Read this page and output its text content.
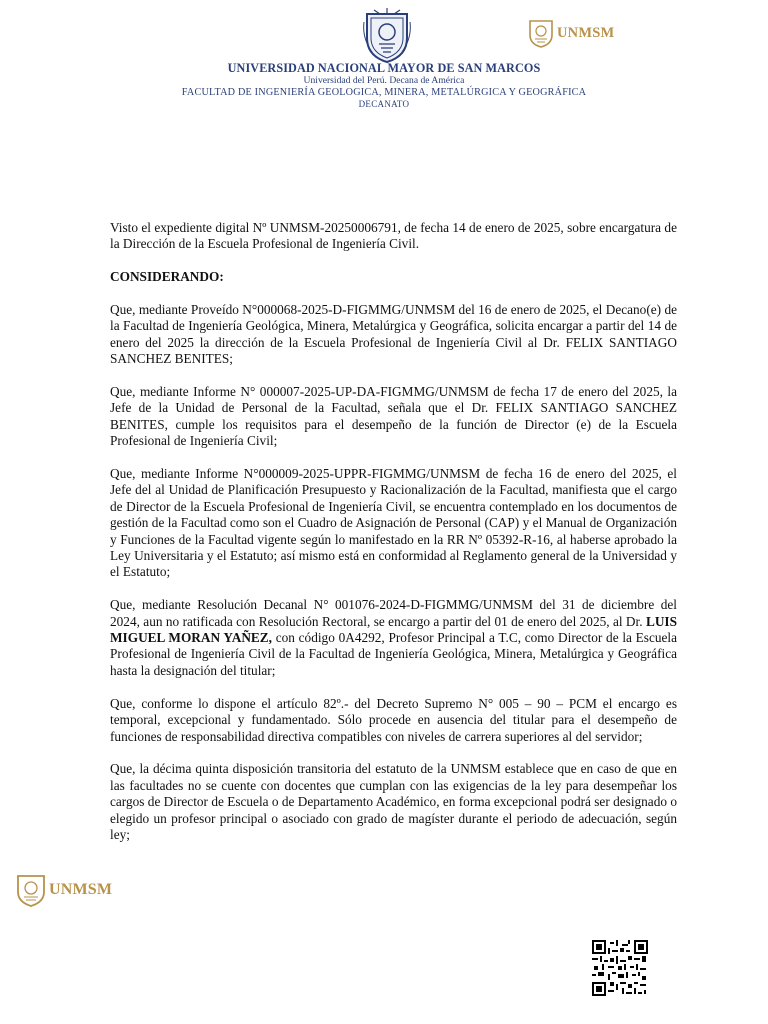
UNMSM
UNIVERSIDAD NACIONAL MAYOR DE SAN MARCOS
Universidad del Perú. Decana de América
FACULTAD DE INGENIERÍA GEOLOGICA, MINERA, METALÚRGICA Y GEOGRÁFICA
DECANATO

Visto el expediente digital Nº UNMSM-20250006791, de fecha 14 de enero de 2025, sobre encargatura de la Dirección de la Escuela Profesional de Ingeniería Civil.

CONSIDERANDO:

Que, mediante Proveído N°000068-2025-D-FIGMMG/UNMSM del 16 de enero de 2025, el Decano(e) de la Facultad de Ingeniería Geológica, Minera, Metalúrgica y Geográfica, solicita encargar a partir del 14 de enero del 2025 la dirección de la Escuela Profesional de Ingeniería Civil al Dr. FELIX SANTIAGO SANCHEZ BENITES;

Que, mediante Informe N° 000007-2025-UP-DA-FIGMMG/UNMSM de fecha 17 de enero del 2025, la Jefe de la Unidad de Personal de la Facultad, señala que el Dr. FELIX SANTIAGO SANCHEZ BENITES, cumple los requisitos para el desempeño de la función de Director (e) de la Escuela Profesional de Ingeniería Civil;

Que, mediante Informe N°000009-2025-UPPR-FIGMMG/UNMSM de fecha 16 de enero del 2025, el Jefe del al Unidad de Planificación Presupuesto y Racionalización de la Facultad, manifiesta que el cargo de Director de la Escuela Profesional de Ingeniería Civil, se encuentra contemplado en los documentos de gestión de la Facultad como son el Cuadro de Asignación de Personal (CAP) y el Manual de Organización y Funciones de la Facultad vigente según lo manifestado en la RR Nº 05392-R-16, al haberse aprobado la Ley Universitaria y el Estatuto; así mismo está en conformidad al Reglamento general de la Universidad y el Estatuto;

Que, mediante Resolución Decanal N° 001076-2024-D-FIGMMG/UNMSM del 31 de diciembre del 2024, aun no ratificada con Resolución Rectoral, se encargo a partir del 01 de enero del 2025, al Dr. LUIS MIGUEL MORAN YAÑEZ, con código 0A4292, Profesor Principal a T.C, como Director de la Escuela Profesional de Ingeniería Civil de la Facultad de Ingeniería Geológica, Minera, Metalúrgica y Geográfica hasta la designación del titular;

Que, conforme lo dispone el artículo 82º.- del Decreto Supremo N° 005 – 90 – PCM el encargo es temporal, excepcional y fundamentado. Sólo procede en ausencia del titular para el desempeño de funciones de responsabilidad directiva compatibles con niveles de carrera superiores al del servidor;

Que, la décima quinta disposición transitoria del estatuto de la UNMSM establece que en caso de que en las facultades no se cuente con docentes que cumplan con las exigencias de la ley para desempeñar los cargos de Director de Escuela o de Departamento Académico, en forma excepcional podrá ser designado o elegido un profesor principal o asociado con grado de magíster durante el periodo de adecuación, según ley;

UNMSM
